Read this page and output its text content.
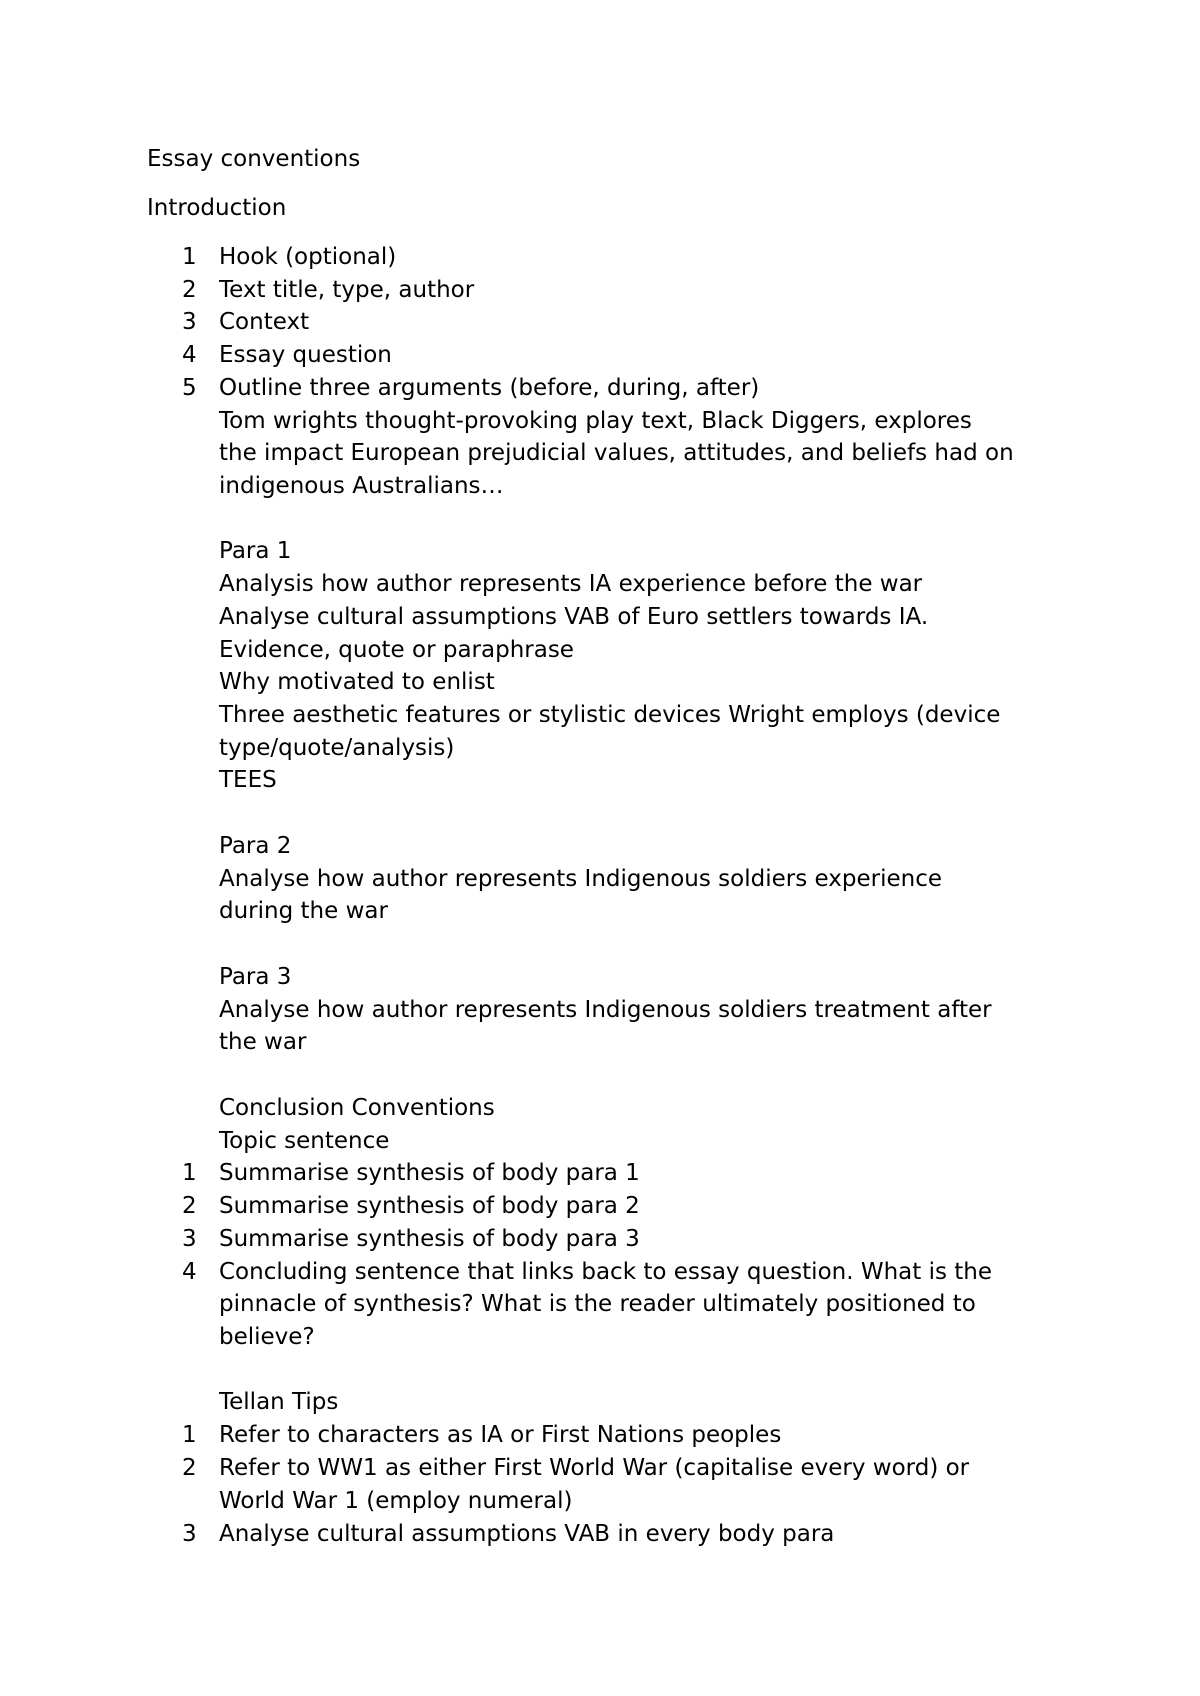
Essay conventions
Introduction
1 Hook (optional)
2 Text title, type, author
3 Context
4 Essay question
5 Outline three arguments (before, during, after)
Tom wrights thought-provoking play text, Black Diggers, explores
the impact European prejudicial values, attitudes, and beliefs had on
indigenous Australians…
Para 1
Analysis how author represents IA experience before the war
Analyse cultural assumptions VAB of Euro settlers towards IA.
Evidence, quote or paraphrase
Why motivated to enlist
Three aesthetic features or stylistic devices Wright employs (device
type/quote/analysis)
TEES
Para 2
Analyse how author represents Indigenous soldiers experience
during the war
Para 3
Analyse how author represents Indigenous soldiers treatment after
the war
Conclusion Conventions
Topic sentence
1 Summarise synthesis of body para 1
2 Summarise synthesis of body para 2
3 Summarise synthesis of body para 3
4 Concluding sentence that links back to essay question. What is the
pinnacle of synthesis? What is the reader ultimately positioned to
believe?
Tellan Tips
1 Refer to characters as IA or First Nations peoples
2 Refer to WW1 as either First World War (capitalise every word) or
World War 1 (employ numeral)
3 Analyse cultural assumptions VAB in every body para
